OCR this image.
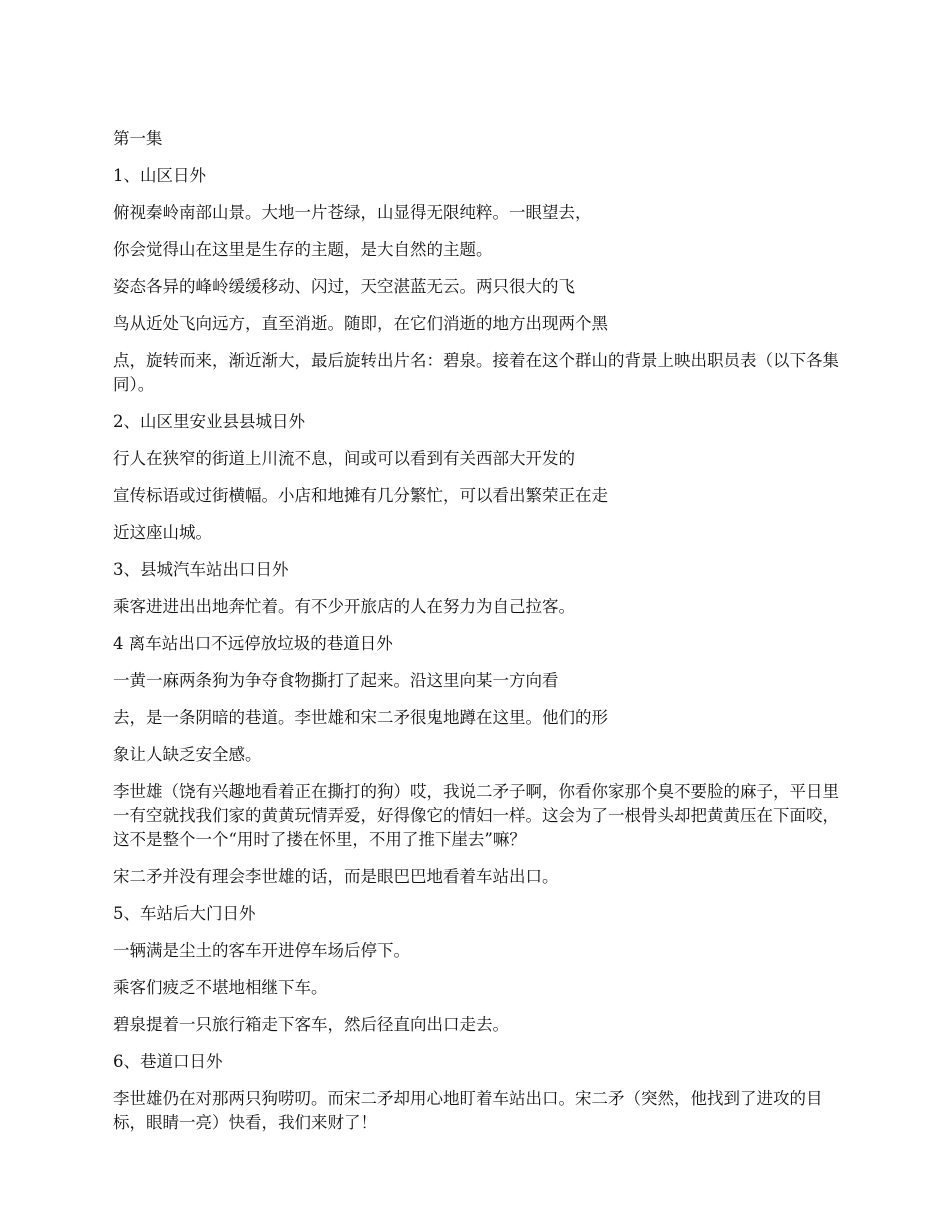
第一集

1、山区日外

俯视秦岭南部山景。大地一片苍绿，山显得无限纯粹。一眼望去，

你会觉得山在这里是生存的主题，是大自然的主题。

姿态各异的峰岭缓缓移动、闪过，天空湛蓝无云。两只很大的飞

鸟从近处飞向远方，直至消逝。随即，在它们消逝的地方出现两个黑

点，旋转而来，渐近渐大，最后旋转出片名：碧泉。接着在这个群山的背景上映出职员表（以下各集同）。

2、山区里安业县县城日外

行人在狭窄的街道上川流不息，间或可以看到有关西部大开发的

宣传标语或过街横幅。小店和地摊有几分繁忙，可以看出繁荣正在走

近这座山城。

3、县城汽车站出口日外

乘客进进出出地奔忙着。有不少开旅店的人在努力为自己拉客。

4 离车站出口不远停放垃圾的巷道日外

一黄一麻两条狗为争夺食物撕打了起来。沿这里向某一方向看

去，是一条阴暗的巷道。李世雄和宋二矛很鬼地蹲在这里。他们的形

象让人缺乏安全感。

李世雄（饶有兴趣地看着正在撕打的狗）哎，我说二矛子啊，你看你家那个臭不要脸的麻子，平日里一有空就找我们家的黄黄玩情弄爱，好得像它的情妇一样。这会为了一根骨头却把黄黄压在下面咬，这不是整个一个“用时了搂在怀里，不用了推下崖去”嘛？

宋二矛并没有理会李世雄的话，而是眼巴巴地看着车站出口。

5、车站后大门日外

一辆满是尘土的客车开进停车场后停下。

乘客们疲乏不堪地相继下车。

碧泉提着一只旅行箱走下客车，然后径直向出口走去。

6、巷道口日外

李世雄仍在对那两只狗唠叨。而宋二矛却用心地盯着车站出口。宋二矛（突然，他找到了进攻的目标，眼睛一亮）快看，我们来财了！
